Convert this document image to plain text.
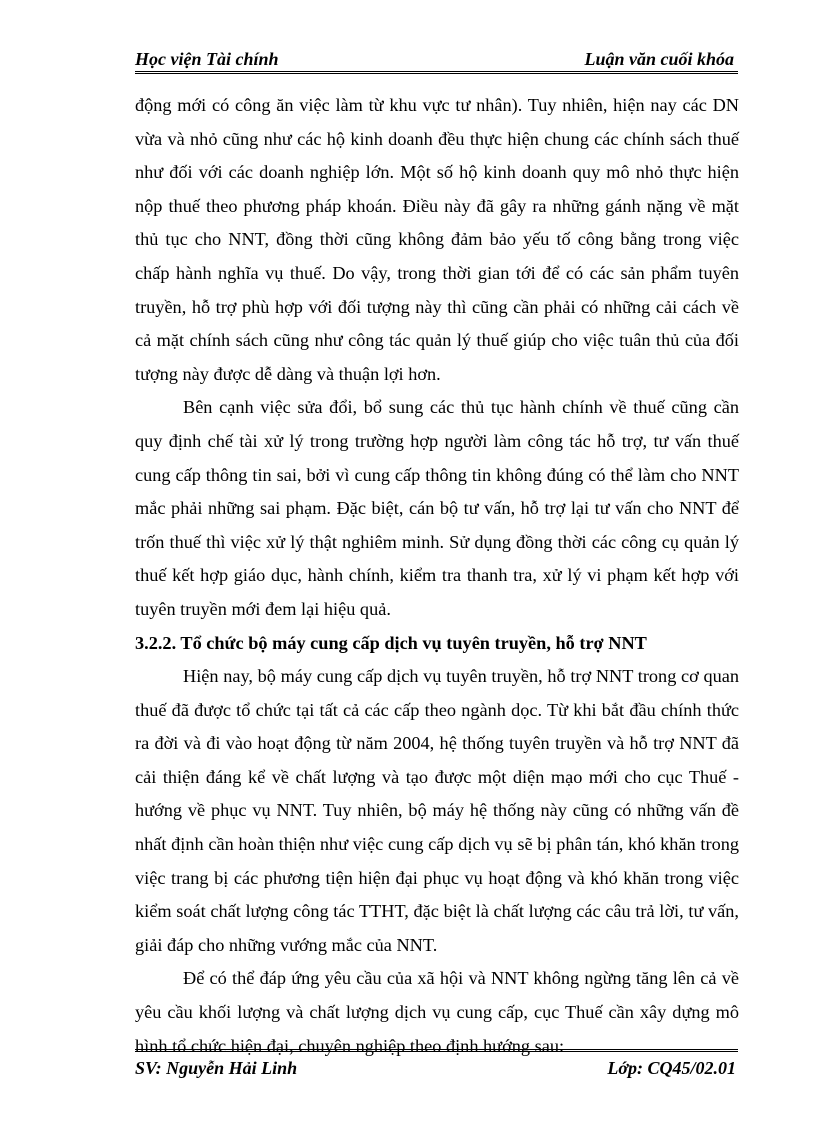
Học viện Tài chính	Luận văn cuối khóa

động mới có công ăn việc làm từ khu vực tư nhân). Tuy nhiên, hiện nay các DN vừa và nhỏ cũng như các hộ kinh doanh đều thực hiện chung các chính sách thuế như đối với các doanh nghiệp lớn. Một số hộ kinh doanh quy mô nhỏ thực hiện nộp thuế theo phương pháp khoán. Điều này đã gây ra những gánh nặng về mặt thủ tục cho NNT, đồng thời cũng không đảm bảo yếu tố công bằng trong việc chấp hành nghĩa vụ thuế. Do vậy, trong thời gian tới để có các sản phẩm tuyên truyền, hỗ trợ phù hợp với đối tượng này thì cũng cần phải có những cải cách về cả mặt chính sách cũng như công tác quản lý thuế giúp cho việc tuân thủ của đối tượng này được dễ dàng và thuận lợi hơn.

Bên cạnh việc sửa đổi, bổ sung các thủ tục hành chính về thuế cũng cần quy định chế tài xử lý trong trường hợp người làm công tác hỗ trợ, tư vấn thuế cung cấp thông tin sai, bởi vì cung cấp thông tin không đúng có thể làm cho NNT mắc phải những sai phạm. Đặc biệt, cán bộ tư vấn, hỗ trợ lại tư vấn cho NNT để trốn thuế thì việc xử lý thật nghiêm minh. Sử dụng đồng thời các công cụ quản lý thuế kết hợp giáo dục, hành chính, kiểm tra thanh tra, xử lý vi phạm kết hợp với tuyên truyền mới đem lại hiệu quả.

3.2.2. Tổ chức bộ máy cung cấp dịch vụ tuyên truyền, hỗ trợ NNT

Hiện nay, bộ máy cung cấp dịch vụ tuyên truyền, hỗ trợ NNT trong cơ quan thuế đã được tổ chức tại tất cả các cấp theo ngành dọc. Từ khi bắt đầu chính thức ra đời và đi vào hoạt động từ năm 2004, hệ thống tuyên truyền và hỗ trợ NNT đã cải thiện đáng kể về chất lượng và tạo được một diện mạo mới cho cục Thuế - hướng về phục vụ NNT. Tuy nhiên, bộ máy hệ thống này cũng có những vấn đề nhất định cần hoàn thiện như việc cung cấp dịch vụ sẽ bị phân tán, khó khăn trong việc trang bị các phương tiện hiện đại phục vụ hoạt động và khó khăn trong việc kiểm soát chất lượng công tác TTHT, đặc biệt là chất lượng các câu trả lời, tư vấn, giải đáp cho những vướng mắc của NNT.

Để có thể đáp ứng yêu cầu của xã hội và NNT không ngừng tăng lên cả về yêu cầu khối lượng và chất lượng dịch vụ cung cấp, cục Thuế cần xây dựng mô hình tổ chức hiện đại, chuyên nghiệp theo định hướng sau:

SV: Nguyễn Hải Linh	Lớp: CQ45/02.01
